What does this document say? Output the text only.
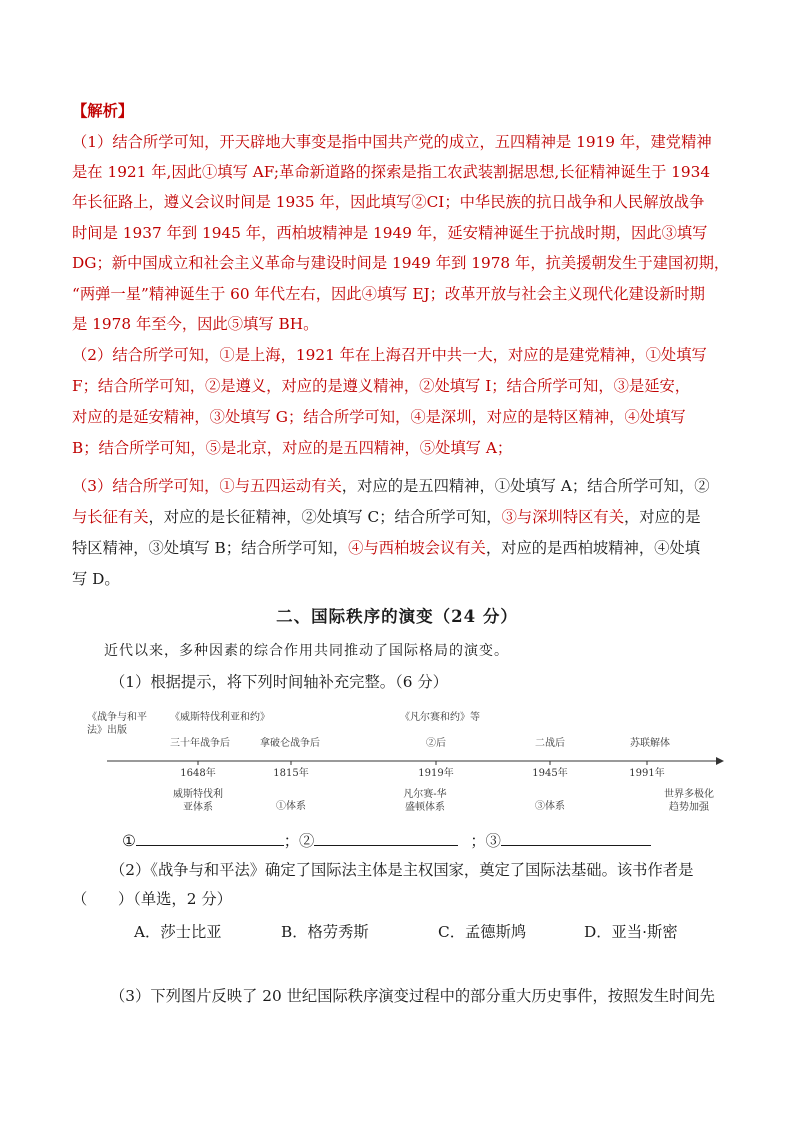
【解析】
（1）结合所学可知，开天辟地大事变是指中国共产党的成立，五四精神是 1919 年，建党精神
是在 1921 年,因此①填写 AF;革命新道路的探索是指工农武装割据思想,长征精神诞生于 1934
年长征路上，遵义会议时间是 1935 年，因此填写②CI；中华民族的抗日战争和人民解放战争
时间是 1937 年到 1945 年，西柏坡精神是 1949 年，延安精神诞生于抗战时期，因此③填写
DG；新中国成立和社会主义革命与建设时间是 1949 年到 1978 年，抗美援朝发生于建国初期，
“两弹一星”精神诞生于 60 年代左右，因此④填写 EJ；改革开放与社会主义现代化建设新时期
是 1978 年至今，因此⑤填写 BH。
（2）结合所学可知，①是上海，1921 年在上海召开中共一大，对应的是建党精神，①处填写
F；结合所学可知，②是遵义，对应的是遵义精神，②处填写 I；结合所学可知，③是延安，
对应的是延安精神，③处填写 G；结合所学可知，④是深圳，对应的是特区精神，④处填写
B；结合所学可知，⑤是北京，对应的是五四精神，⑤处填写 A；
（3）结合所学可知，①与五四运动有关，对应的是五四精神，①处填写 A；结合所学可知，②
与长征有关，对应的是长征精神，②处填写 C；结合所学可知，③与深圳特区有关，对应的是
特区精神，③处填写 B；结合所学可知，④与西柏坡会议有关，对应的是西柏坡精神，④处填
写 D。
二、国际秩序的演变（24 分）
近代以来，多种因素的综合作用共同推动了国际格局的演变。
（1）根据提示，将下列时间轴补充完整。（6 分）
《战争与和平
法》出版
《威斯特伐利亚和约》	《凡尔赛和约》等
三十年战争后	拿破仑战争后	②后	二战后	苏联解体
1648年	1815年	1919年	1945年	1991年
威斯特伐利
亚体系	①体系
凡尔赛-华
盛顿体系	③体系
世界多极化
趋势加强
①	；②	；③
（2）《战争与和平法》确定了国际法主体是主权国家，奠定了国际法基础。该书作者是
（　　）（单选，2 分）
A．莎士比亚	B．格劳秀斯	C．孟德斯鸠	D．亚当·斯密
（3）下列图片反映了 20 世纪国际秩序演变过程中的部分重大历史事件，按照发生时间先
